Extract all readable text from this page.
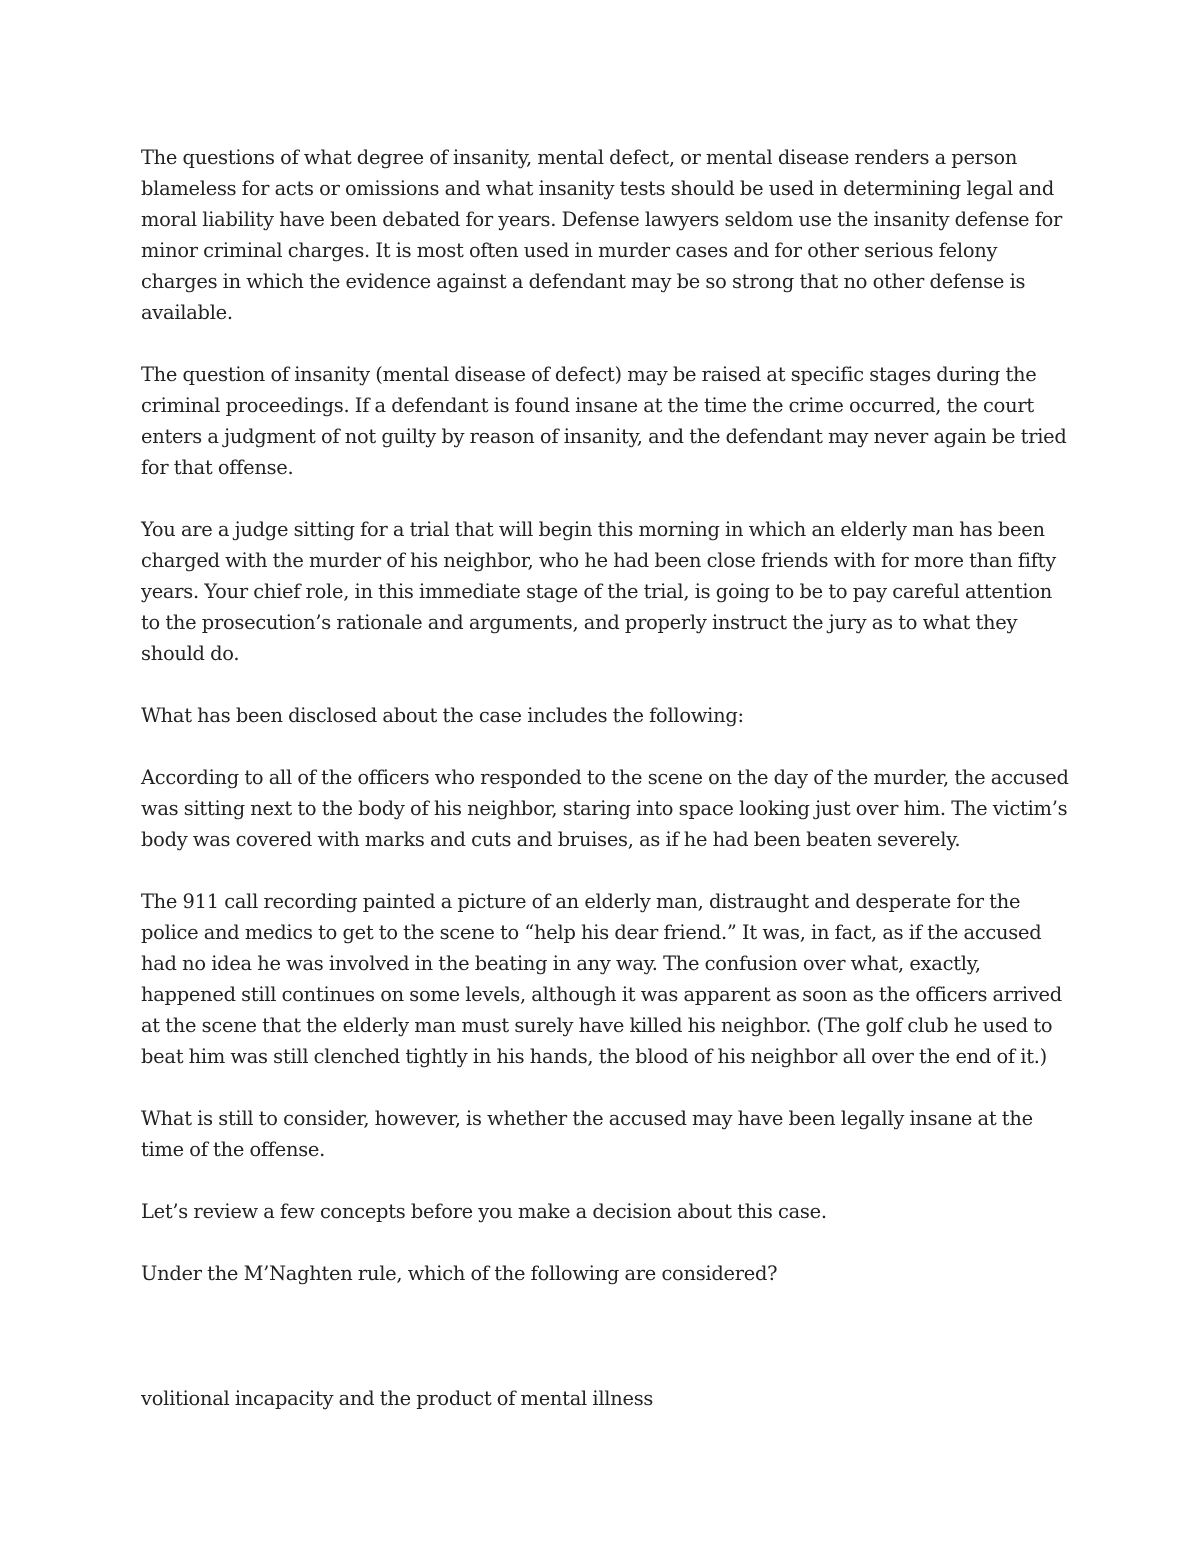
The questions of what degree of insanity, mental defect, or mental disease renders a person blameless for acts or omissions and what insanity tests should be used in determining legal and moral liability have been debated for years. Defense lawyers seldom use the insanity defense for minor criminal charges. It is most often used in murder cases and for other serious felony charges in which the evidence against a defendant may be so strong that no other defense is available.

The question of insanity (mental disease of defect) may be raised at specific stages during the criminal proceedings. If a defendant is found insane at the time the crime occurred, the court enters a judgment of not guilty by reason of insanity, and the defendant may never again be tried for that offense.

You are a judge sitting for a trial that will begin this morning in which an elderly man has been charged with the murder of his neighbor, who he had been close friends with for more than fifty years. Your chief role, in this immediate stage of the trial, is going to be to pay careful attention to the prosecution’s rationale and arguments, and properly instruct the jury as to what they should do.

What has been disclosed about the case includes the following:

According to all of the officers who responded to the scene on the day of the murder, the accused was sitting next to the body of his neighbor, staring into space looking just over him. The victim’s body was covered with marks and cuts and bruises, as if he had been beaten severely.

The 911 call recording painted a picture of an elderly man, distraught and desperate for the police and medics to get to the scene to “help his dear friend.” It was, in fact, as if the accused had no idea he was involved in the beating in any way. The confusion over what, exactly, happened still continues on some levels, although it was apparent as soon as the officers arrived at the scene that the elderly man must surely have killed his neighbor. (The golf club he used to beat him was still clenched tightly in his hands, the blood of his neighbor all over the end of it.)

What is still to consider, however, is whether the accused may have been legally insane at the time of the offense.

Let’s review a few concepts before you make a decision about this case.

Under the M’Naghten rule, which of the following are considered?

volitional incapacity and the product of mental illness
